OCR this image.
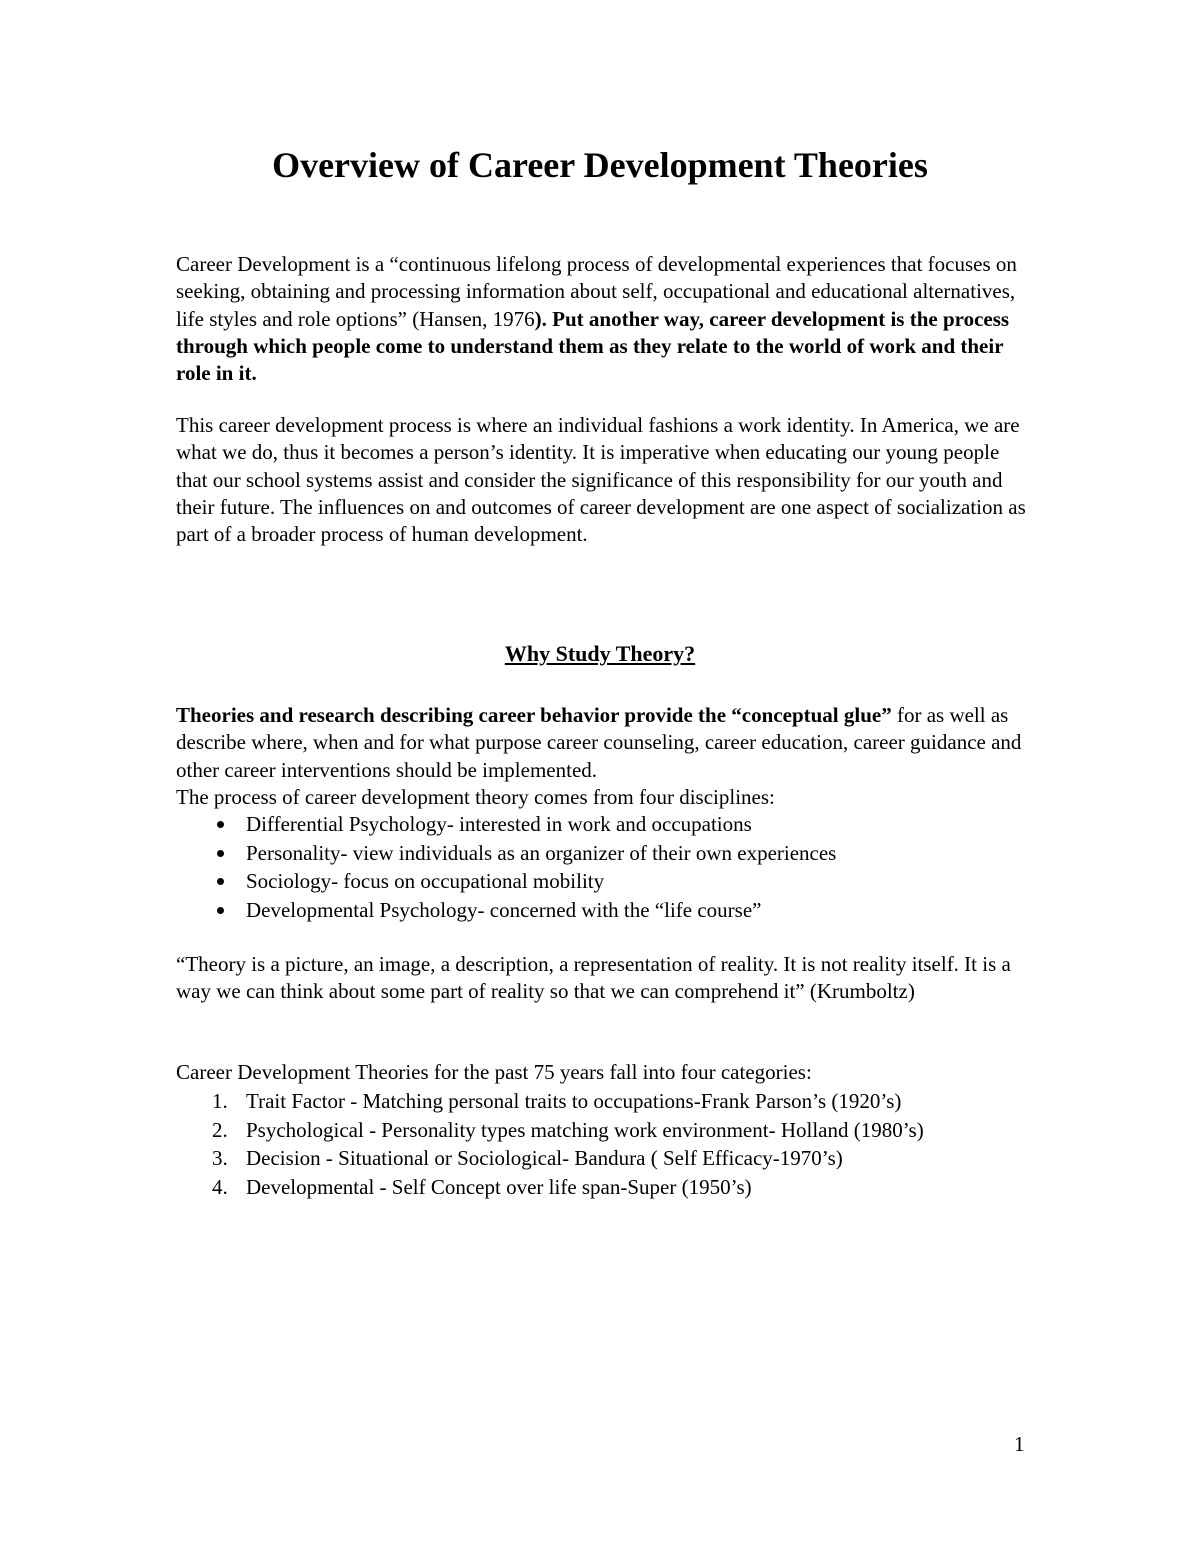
Overview of Career Development Theories

Career Development is a “continuous lifelong process of developmental experiences that focuses on seeking, obtaining and processing information about self, occupational and educational alternatives, life styles and role options” (Hansen, 1976). Put another way, career development is the process through which people come to understand them as they relate to the world of work and their role in it.

This career development process is where an individual fashions a work identity. In America, we are what we do, thus it becomes a person’s identity. It is imperative when educating our young people that our school systems assist and consider the significance of this responsibility for our youth and their future. The influences on and outcomes of career development are one aspect of socialization as part of a broader process of human development.

Why Study Theory?

Theories and research describing career behavior provide the “conceptual glue” for as well as describe where, when and for what purpose career counseling, career education, career guidance and other career interventions should be implemented.
The process of career development theory comes from four disciplines:

Differential Psychology- interested in work and occupations
Personality- view individuals as an organizer of their own experiences
Sociology- focus on occupational mobility
Developmental Psychology- concerned with the “life course”

“Theory is a picture, an image, a description, a representation of reality. It is not reality itself. It is a way we can think about some part of reality so that we can comprehend it” (Krumboltz)

Career Development Theories for the past 75 years fall into four categories:

1. Trait Factor - Matching personal traits to occupations-Frank Parson’s (1920’s)
2. Psychological - Personality types matching work environment- Holland (1980’s)
3. Decision - Situational or Sociological- Bandura ( Self Efficacy-1970’s)
4. Developmental - Self Concept over life span-Super (1950’s)
1
